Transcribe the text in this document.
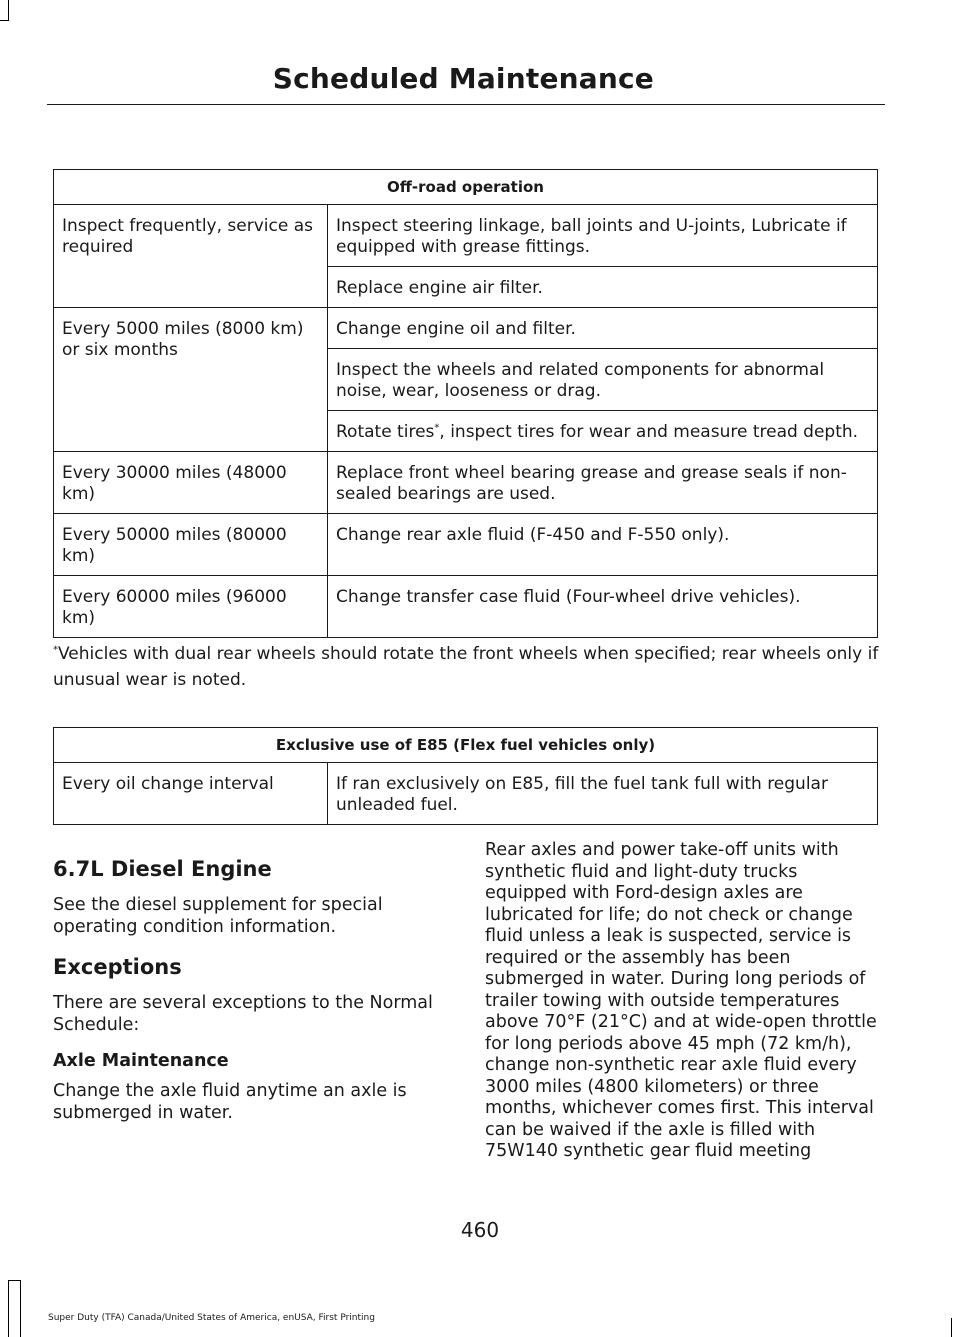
Scheduled Maintenance
Off-road operation	
Inspect frequently, service as required	Inspect steering linkage, ball joints and U-joints, Lubricate if equipped with grease fittings.
	Replace engine air filter.
Every 5000 miles (8000 km) or six months	Change engine oil and filter.
	Inspect the wheels and related components for abnormal noise, wear, looseness or drag.
	Rotate tires*, inspect tires for wear and measure tread depth.
Every 30000 miles (48000 km)	Replace front wheel bearing grease and grease seals if non-sealed bearings are used.
Every 50000 miles (80000 km)	Change rear axle fluid (F-450 and F-550 only).
Every 60000 miles (96000 km)	Change transfer case fluid (Four-wheel drive vehicles).
*Vehicles with dual rear wheels should rotate the front wheels when specified; rear wheels only if unusual wear is noted.
Exclusive use of E85 (Flex fuel vehicles only)
Every oil change interval	If ran exclusively on E85, fill the fuel tank full with regular unleaded fuel.
6.7L Diesel Engine

See the diesel supplement for special operating condition information.

Exceptions

There are several exceptions to the Normal Schedule:

Axle Maintenance

Change the axle fluid anytime an axle is submerged in water.

Rear axles and power take-off units with synthetic fluid and light-duty trucks equipped with Ford-design axles are lubricated for life; do not check or change fluid unless a leak is suspected, service is required or the assembly has been submerged in water. During long periods of trailer towing with outside temperatures above 70°F (21°C) and at wide-open throttle for long periods above 45 mph (72 km/h), change non-synthetic rear axle fluid every 3000 miles (4800 kilometers) or three months, whichever comes first. This interval can be waived if the axle is filled with 75W140 synthetic gear fluid meeting

460
Super Duty (TFA) Canada/United States of America, enUSA, First Printing
